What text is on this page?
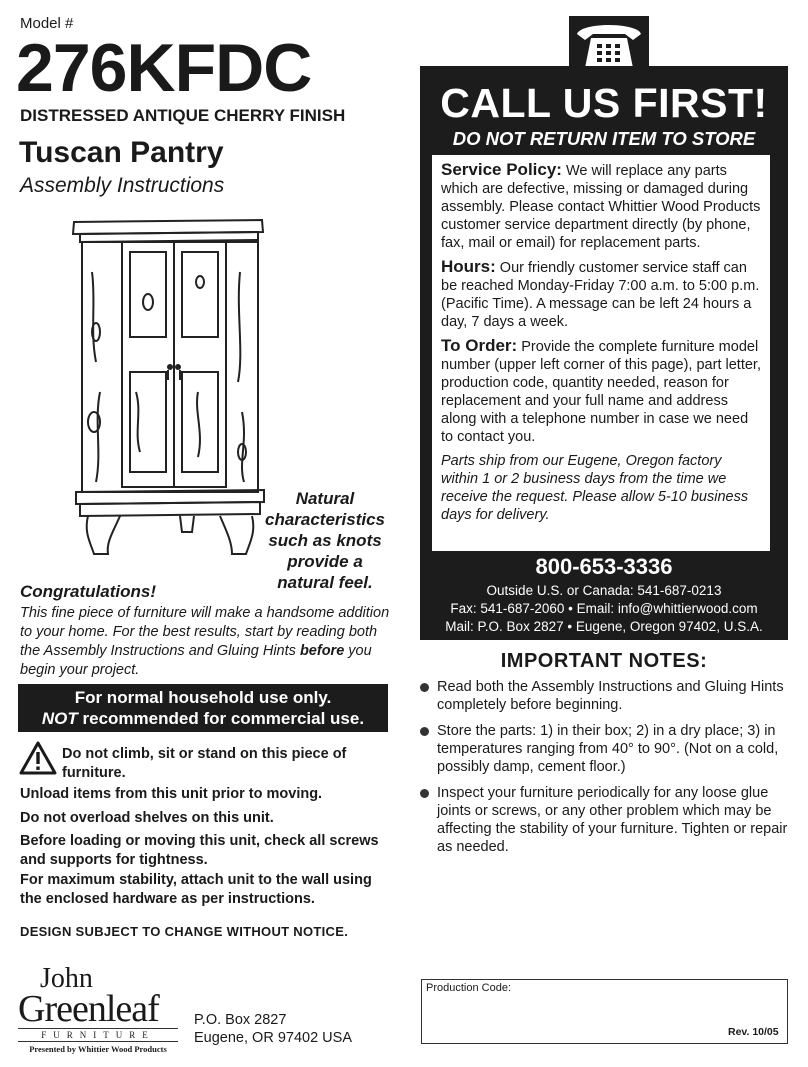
Model #
276KFDC
DISTRESSED ANTIQUE CHERRY FINISH
Tuscan Pantry
Assembly Instructions
Natural
characteristics
such as knots
provide a
natural feel.
Congratulations!
This fine piece of furniture will make a handsome addition to your home. For the best results, start by reading both the Assembly Instructions and Gluing Hints before you begin your project.
For normal household use only.
NOT recommended for commercial use.
Do not climb, sit or stand on this piece of furniture.
Unload items from this unit prior to moving.
Do not overload shelves on this unit.
Before loading or moving this unit, check all screws and supports for tightness.
For maximum stability, attach unit to the wall using the enclosed hardware as per instructions.
DESIGN SUBJECT TO CHANGE WITHOUT NOTICE.
John
Greenleaf
FURNITURE
Presented by Whittier Wood Products
P.O. Box 2827
Eugene, OR 97402 USA
CALL US FIRST!
DO NOT RETURN ITEM TO STORE

Service Policy: We will replace any parts which are defective, missing or damaged during assembly. Please contact Whittier Wood Products customer service department directly (by phone, fax, mail or email) for replacement parts.

Hours: Our friendly customer service staff can be reached Monday-Friday 7:00 a.m. to 5:00 p.m. (Pacific Time). A message can be left 24 hours a day, 7 days a week.

To Order: Provide the complete furniture model number (upper left corner of this page), part letter, production code, quantity needed, reason for replacement and your full name and address along with a telephone number in case we need to contact you.

Parts ship from our Eugene, Oregon factory within 1 or 2 business days from the time we receive the request. Please allow 5-10 business days for delivery.

800-653-3336
Outside U.S. or Canada: 541-687-0213
Fax: 541-687-2060 • Email: info@whittierwood.com
Mail: P.O. Box 2827 • Eugene, Oregon 97402, U.S.A.
IMPORTANT NOTES:
Read both the Assembly Instructions and Gluing Hints completely before beginning.
Store the parts: 1) in their box; 2) in a dry place; 3) in temperatures ranging from 40° to 90°. (Not on a cold, possibly damp, cement floor.)
Inspect your furniture periodically for any loose glue joints or screws, or any other problem which may be affecting the stability of your furniture. Tighten or repair as needed.
Production Code:
Rev. 10/05
